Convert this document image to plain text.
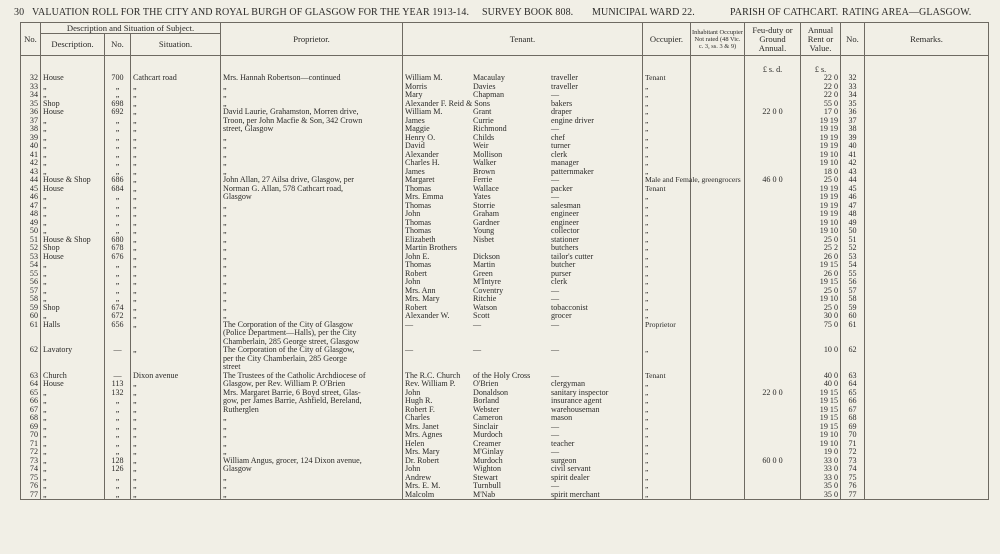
30 VALUATION ROLL FOR THE CITY AND ROYAL BURGH OF GLASGOW FOR THE YEAR 1913-14. SURVEY BOOK 808. MUNICIPAL WARD 22.	PARISH OF CATHCART. RATING AREA—GLASGOW.
No.	Description and Situation of Subject.			Proprietor.	Tenant.	Occupier.	Inhabitant Occupier Not rated (48 Vic. c. 3, ss. 3 & 9)	Feu-duty or Ground Annual.	Annual Rent or Value.	No.	Remarks.
	Description.	No.	Situation.								
								£ s. d.	£ s.		
32	House	700	Cathcart road	Mrs. Hannah Robertson—continued	William M. Macaulay traveller	Tenant			22 0	32	
33	„	„	„	„	Morris Davies traveller	„			22 0	33	
34	„	„	„	„	Mary Chapman —	„			22 0	34	
35	Shop	698	„	„	Alexander F. Reid & Sons bakers	„			55 0	35	
36	House	692	„	David Laurie, Grahamston, Morren drive,	William M. Grant draper	„		22 0 0	17 0	36	
37	„	„	„	Troon, per John Macfie & Son, 342 Crown	James Currie engine driver	„			19 19	37	
38	„	„	„	street, Glasgow	Maggie Richmond —	„			19 19	38	
39	„	„	„	„	Henry O. Childs chef	„			19 19	39	
40	„	„	„	„	David Weir turner	„			19 19	40	
41	„	„	„	„	Alexander Mollison clerk	„			19 10	41	
42	„	„	„	„	Charles H. Walker manager	„			19 10	42	
43	„	„	„	„	James Brown patternmaker	„			18 0	43	
44	House & Shop	686	„	John Allan, 27 Ailsa drive, Glasgow, per	Margaret Ferrie —	Male and Female, greengrocers		46 0 0	25 0	44	
45	House	684	„	Norman G. Allan, 578 Cathcart road,	Thomas Wallace packer	Tenant			19 19	45	
46	„	„	„	Glasgow	Mrs. Emma Yates —	„			19 19	46	
47	„	„	„	„	Thomas Storrie salesman	„			19 19	47	
48	„	„	„	„	John Graham engineer	„			19 19	48	
49	„	„	„	„	Thomas Gardner engineer	„			19 10	49	
50	„	„	„	„	Thomas Young collector	„			19 10	50	
51	House & Shop	680	„	„	Elizabeth Nisbet stationer	„			25 0	51	
52	Shop	678	„	„	Martin Brothers butchers	„			25 2	52	
53	House	676	„	„	John E. Dickson tailor's cutter	„			26 0	53	
54	„	„	„	„	Thomas Martin butcher	„			19 15	54	
55	„	„	„	„	Robert Green purser	„			26 0	55	
56	„	„	„	„	John M'Intyre clerk	„			19 15	56	
57	„	„	„	„	Mrs. Ann Coventry —	„			25 0	57	
58	„	„	„	„	Mrs. Mary Ritchie —	„			19 10	58	
59	Shop	674	„	„	Robert Watson tobacconist	„			25 0	59	
60	„	672	„	„	Alexander W. Scott grocer	„			30 0	60	
61	Halls	656	„	The Corporation of the City of Glasgow	— — —	Proprietor			75 0	61	
				(Police Department—Halls), per the City	

				Chamberlain, 285 George street, Glasgow	

62	Lavatory	—	„	The Corporation of the City of Glasgow,	— — —	„			10 0	62	
				per the City Chamberlain, 285 George	

				street	

63	Church	—	Dixon avenue	The Trustees of the Catholic Archdiocese of	The R.C. Church of the Holy Cross —	Tenant			40 0	63	
64	House	113	„	Glasgow, per Rev. William P. O'Brien	Rev. William P. O'Brien clergyman	„			40 0	64	
65	„	132	„	Mrs. Margaret Barrie, 6 Boyd street, Glas-	John Donaldson sanitary inspector	„		22 0 0	19 15	65	
66	„	„	„	gow, per James Barrie, Ashfield, Bereland,	Hugh R. Borland insurance agent	„			19 15	66	
67	„	„	„	Rutherglen	Robert F. Webster warehouseman	„			19 15	67	
68	„	„	„	„	Charles Cameron mason	„			19 15	68	
69	„	„	„	„	Mrs. Janet Sinclair —	„			19 15	69	
70	„	„	„	„	Mrs. Agnes Murdoch —	„			19 10	70	
71	„	„	„	„	Helen Creamer teacher	„			19 10	71	
72	„	„	„	„	Mrs. Mary M'Ginlay —	„			19 0	72	
73	„	128	„	William Angus, grocer, 124 Dixon avenue,	Dr. Robert Murdoch surgeon	„		60 0 0	33 0	73	
74	„	126	„	Glasgow	John Wighton civil servant	„			33 0	74	
75	„	„	„	„	Andrew Stewart spirit dealer	„			33 0	75	
76	„	„	„	„	Mrs. E. M. Turnbull —	„			35 0	76	
77	„	„	„	„	Malcolm M'Nab spirit merchant	„			35 0	77	
